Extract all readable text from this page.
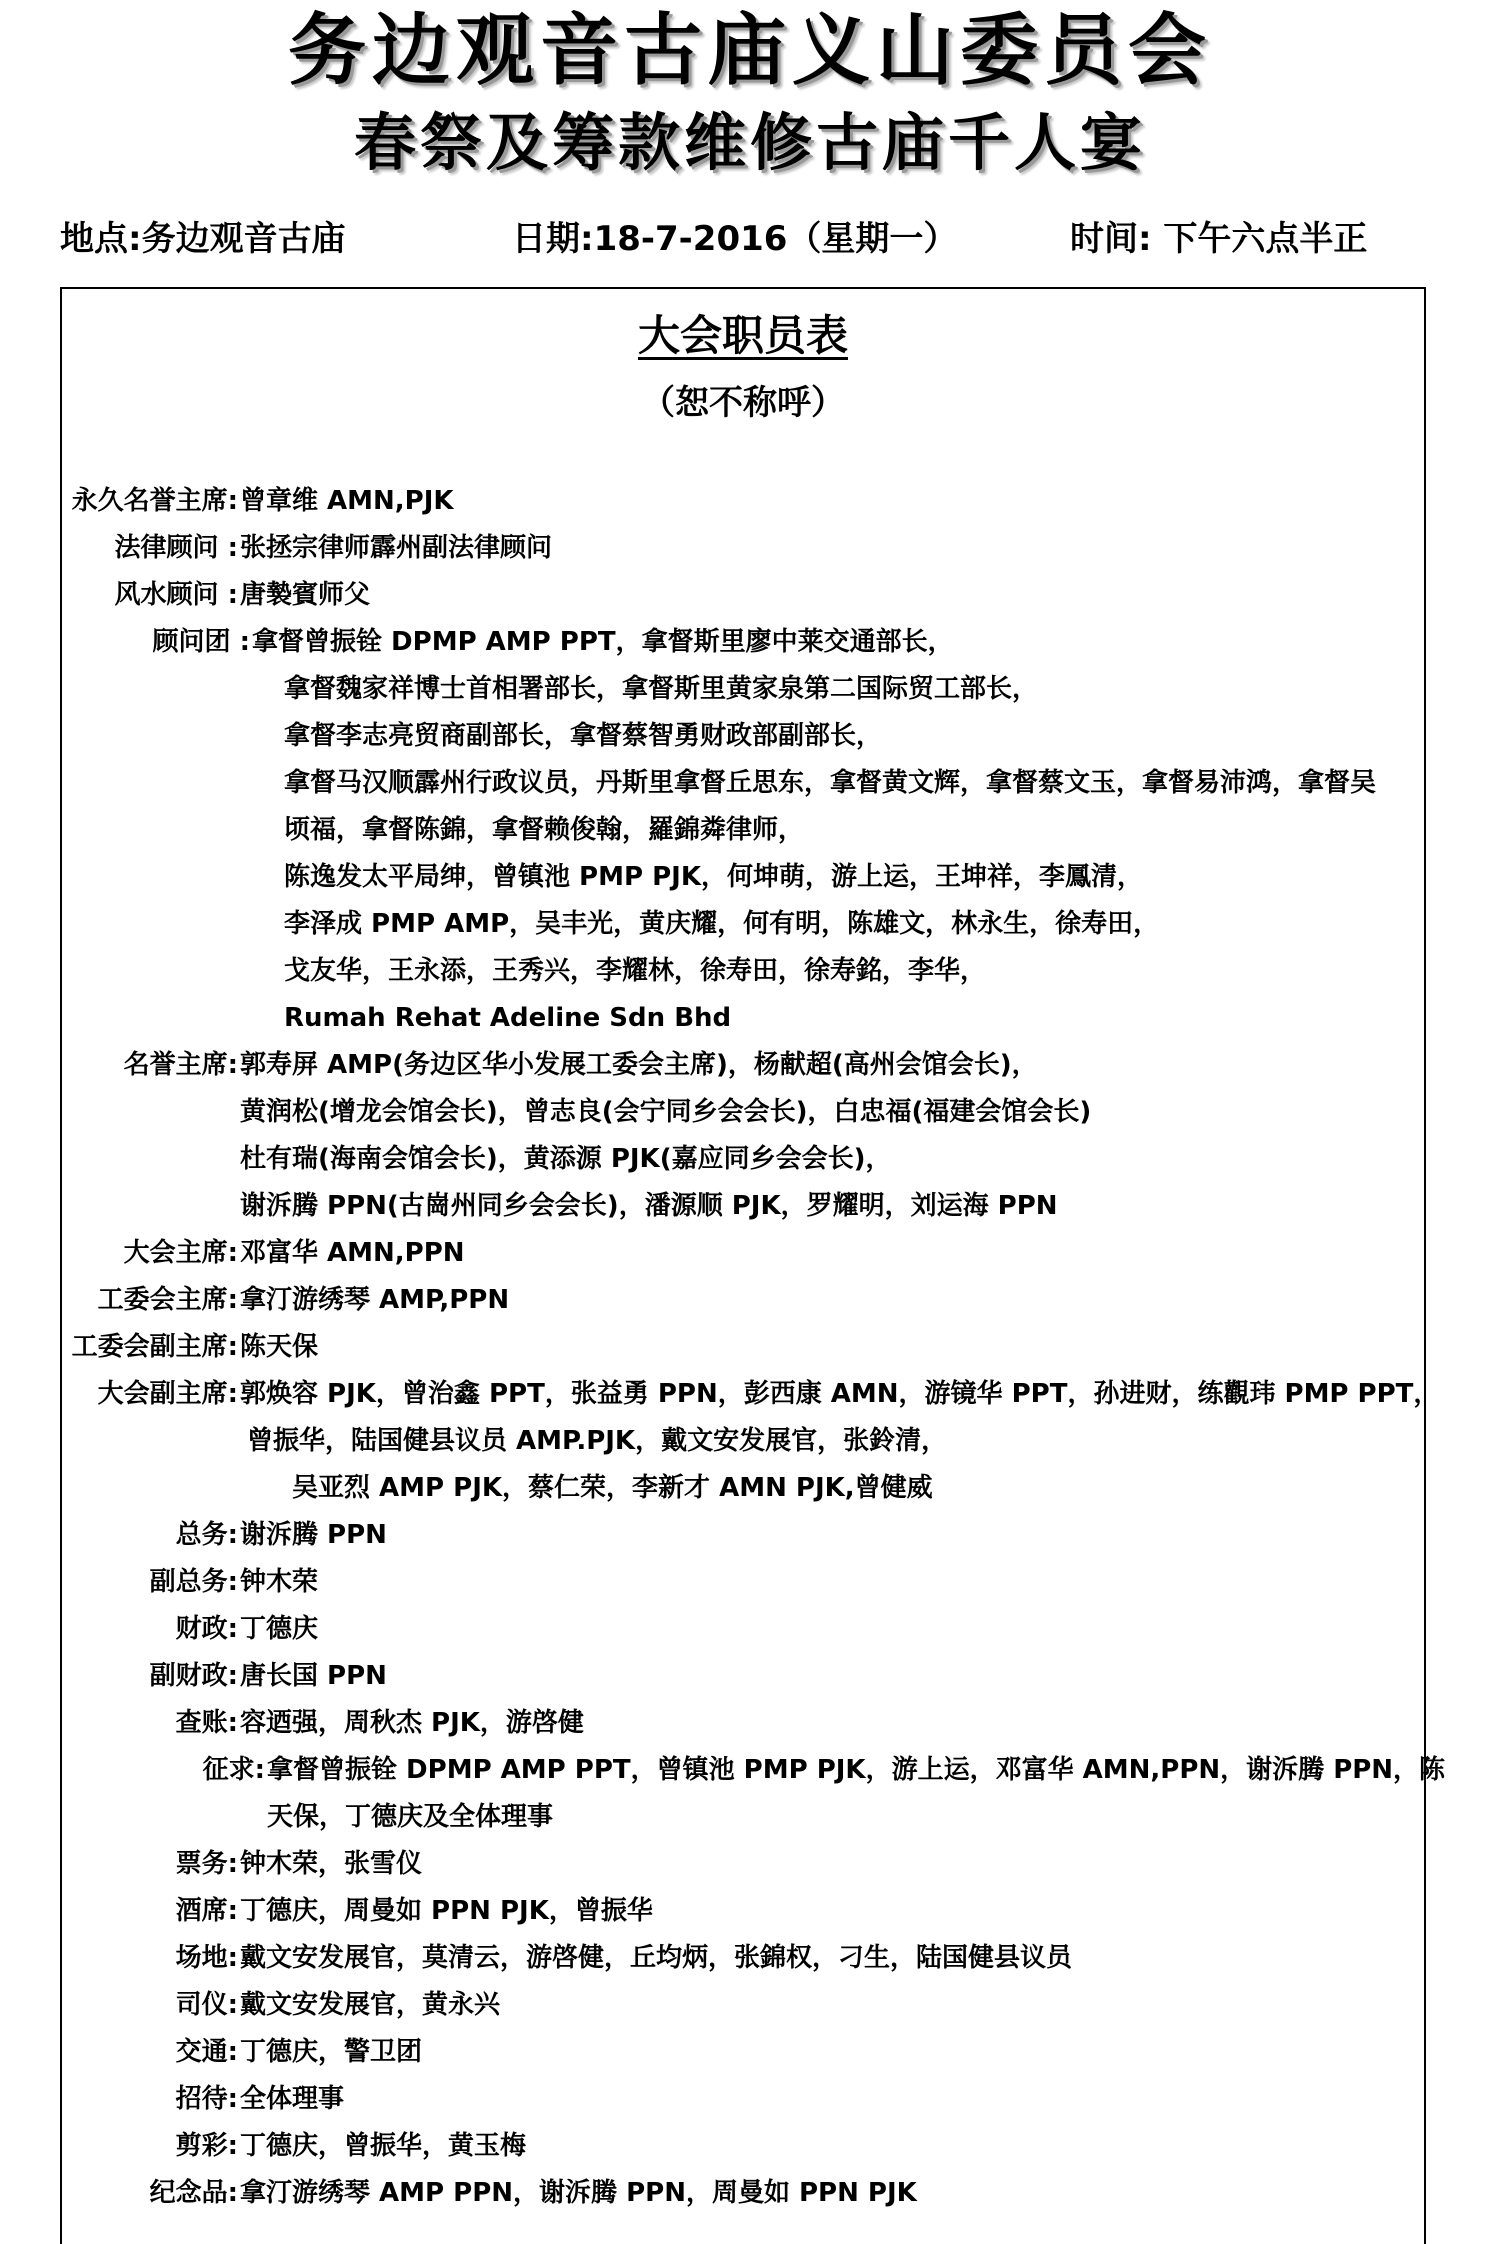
务边观音古庙义山委员会
春祭及筹款维修古庙千人宴
地点:务边观音古庙	日期:18-7-2016（星期一）	时间: 下午六点半正
大会职员表
（恕不称呼）
永久名誉主席: 曾章维 AMN,PJK
法律顾问 : 张拯宗律师霹州副法律顾问
风水顾问 : 唐褺賓师父
顾问团 : 拿督曾振铨 DPMP AMP PPT，拿督斯里廖中莱交通部长，
拿督魏家祥博士首相署部长，拿督斯里黄家泉第二国际贸工部长，
拿督李志亮贸商副部长，拿督蔡智勇财政部副部长，
拿督马汉顺霹州行政议员，丹斯里拿督丘思东，拿督黄文辉，拿督蔡文玉，拿督易沛鸿，拿督吴
顷福，拿督陈錦，拿督赖俊翰，羅錦粦律师，
陈逸发太平局绅，曾镇池 PMP PJK，何坤萌，游上运，王坤祥，李鳳清，
李泽成 PMP AMP，吴丰光，黄庆耀，何有明，陈雄文，林永生，徐寿田，
戈友华，王永添，王秀兴，李耀林，徐寿田，徐寿銘，李华，
Rumah Rehat Adeline Sdn Bhd
名誉主席: 郭寿屏 AMP(务边区华小发展工委会主席)，杨献超(高州会馆会长)，
黄润松(增龙会馆会长)，曾志良(会宁同乡会会长)，白忠福(福建会馆会长)
杜有瑞(海南会馆会长)，黄添源 PJK(嘉应同乡会会长)，
谢泝腾 PPN(古崗州同乡会会长)，潘源顺 PJK，罗耀明，刘运海 PPN
大会主席: 邓富华 AMN,PPN
工委会主席: 拿汀游绣琴 AMP,PPN
工委会副主席: 陈天保
大会副主席: 郭焕容 PJK，曾治鑫 PPT，张益勇 PPN，彭西康 AMN，游镜华 PPT，孙进财，练觀玮 PMP PPT，
曾振华，陆国健县议员 AMP.PJK，戴文安发展官，张鈴清，
吴亚烈 AMP PJK，蔡仁荣，李新才 AMN PJK,曾健威
总务: 谢泝腾 PPN
副总务: 钟木荣
财政: 丁德庆
副财政: 唐长国 PPN
查账: 容迺强，周秋杰 PJK，游啓健
征求: 拿督曾振铨 DPMP AMP PPT，曾镇池 PMP PJK，游上运，邓富华 AMN,PPN，谢泝腾 PPN，陈
天保，丁德庆及全体理事
票务: 钟木荣，张雪仪
酒席: 丁德庆，周曼如 PPN PJK，曾振华
场地: 戴文安发展官，莫清云，游啓健，丘均炳，张錦权，刁生，陆国健县议员
司仪: 戴文安发展官，黄永兴
交通: 丁德庆，警卫团
招待: 全体理事
剪彩: 丁德庆，曾振华，黄玉梅
纪念品: 拿汀游绣琴 AMP PPN，谢泝腾 PPN，周曼如 PPN PJK
